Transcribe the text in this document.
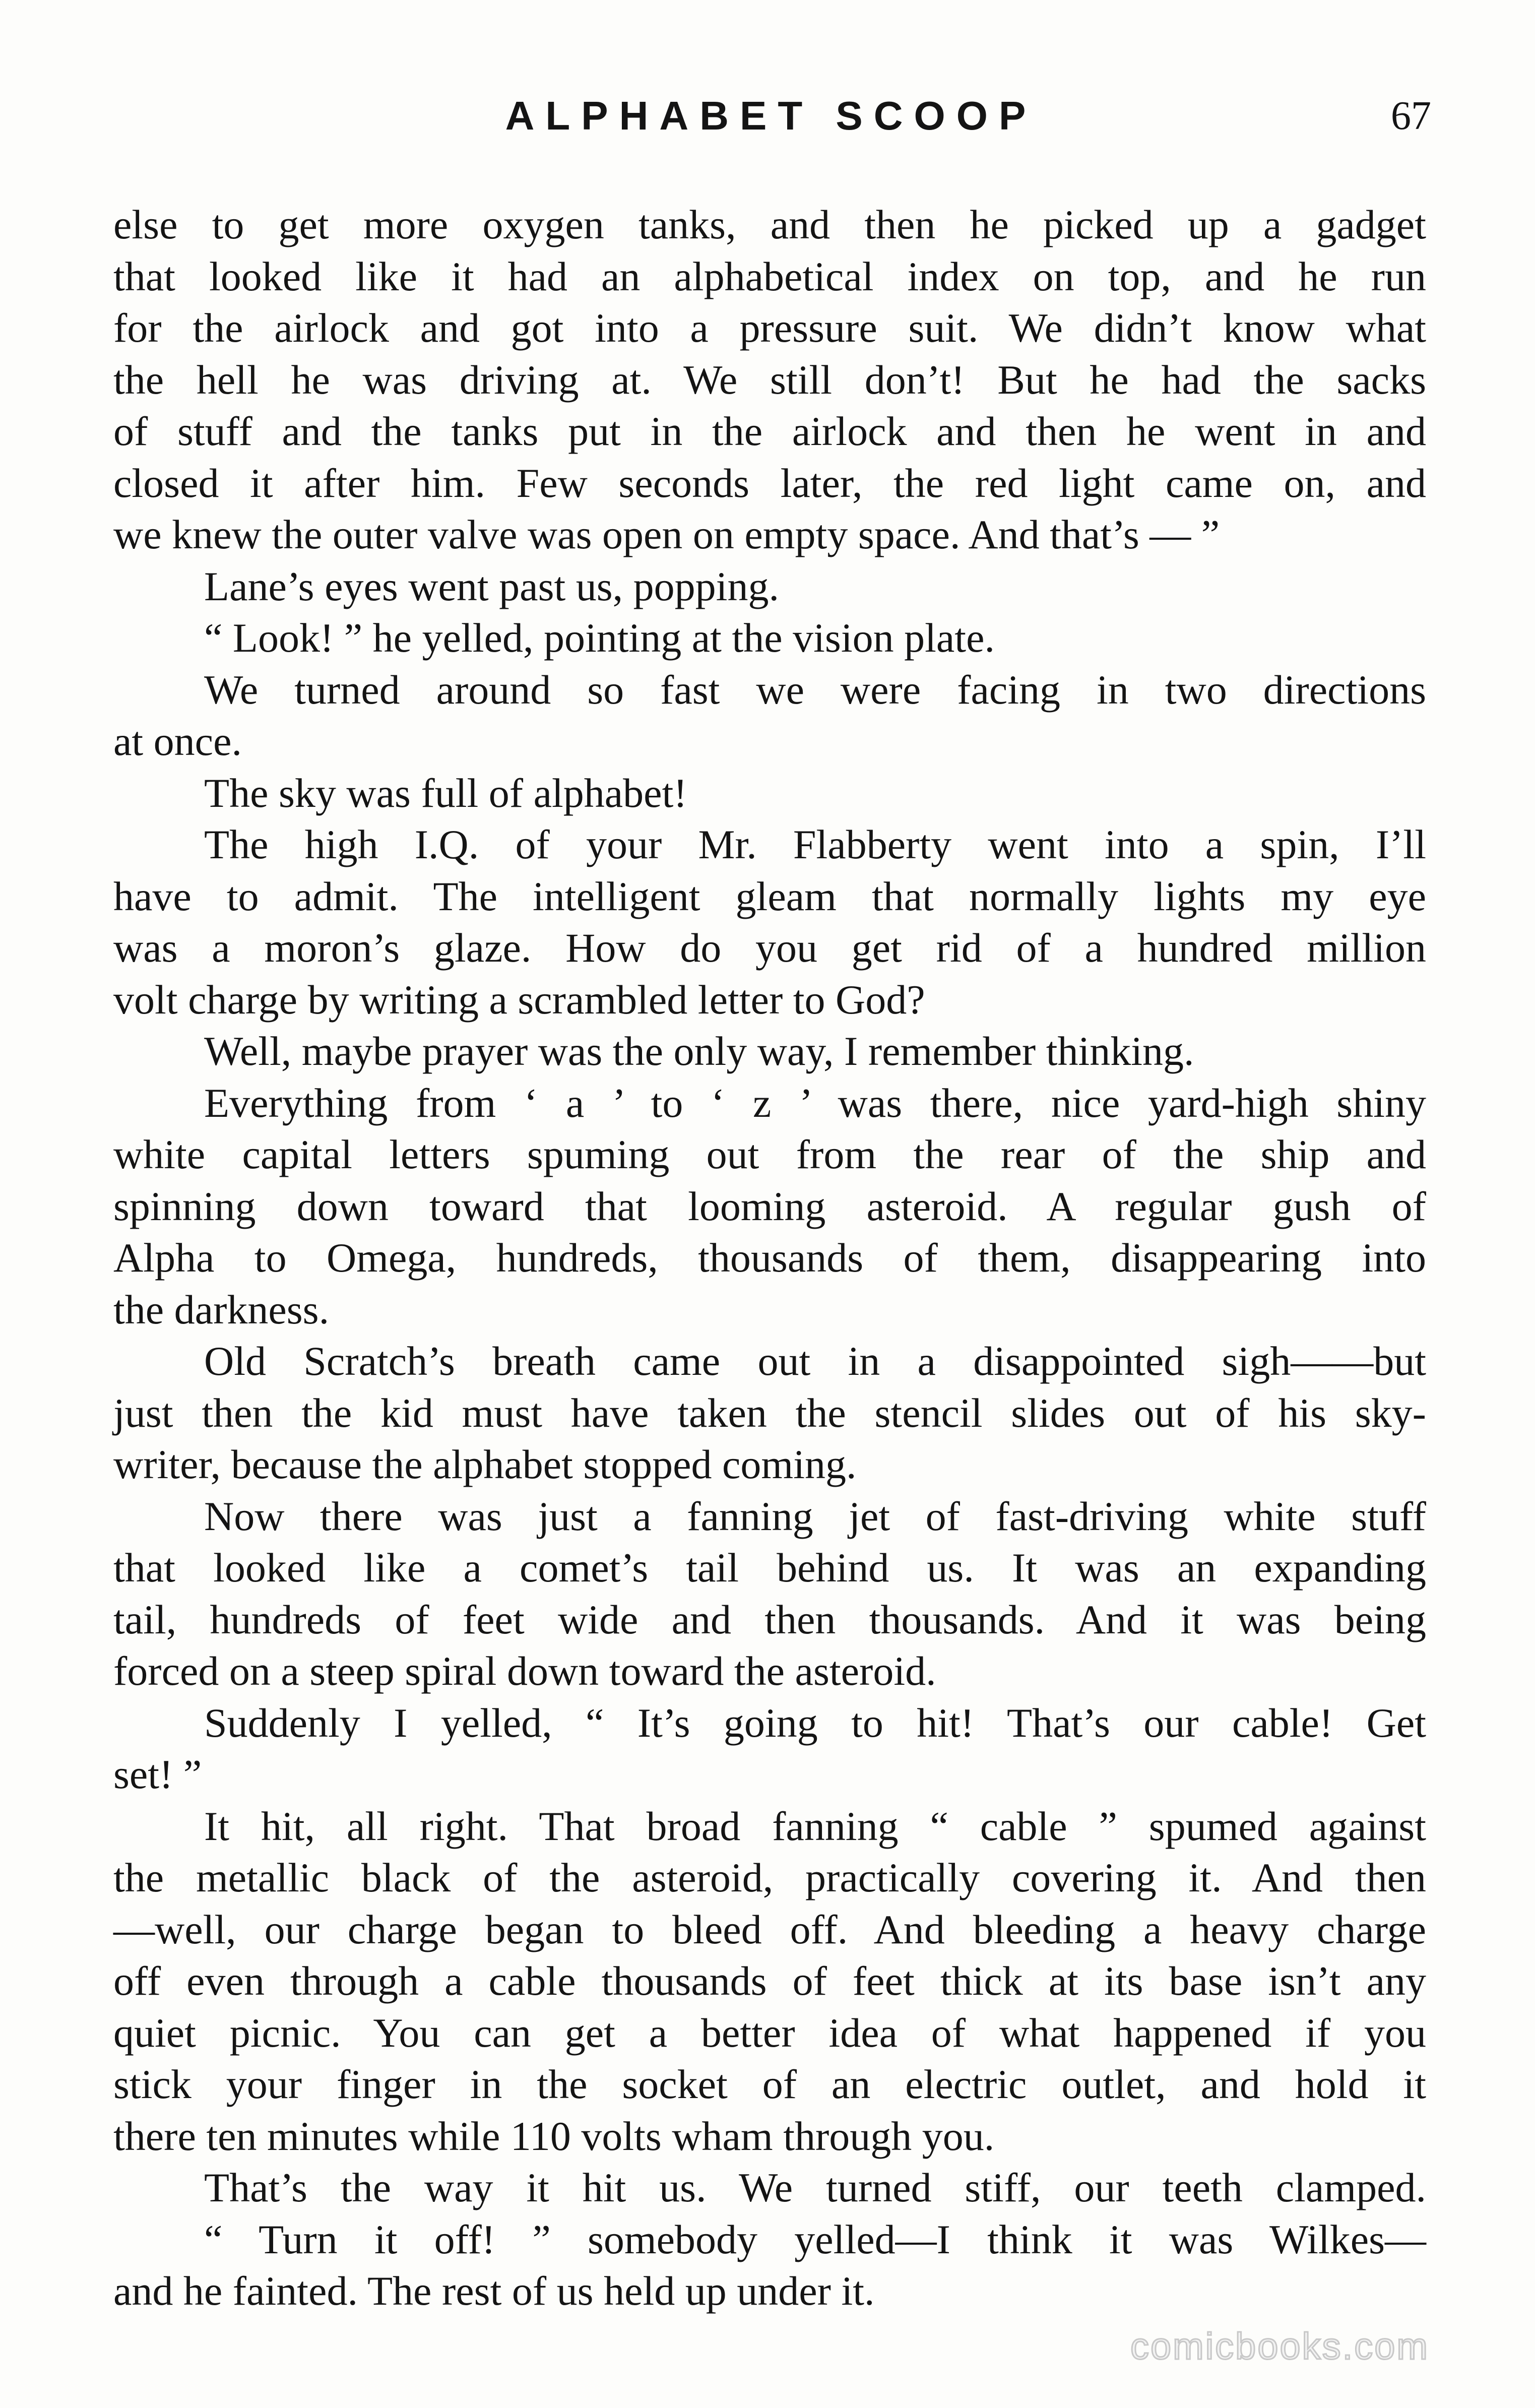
ALPHABET SCOOP	67
else to get more oxygen tanks, and then he picked up a gadget
that looked like it had an alphabetical index on top, and he run
for the airlock and got into a pressure suit. We didn’t know what
the hell he was driving at. We still don’t! But he had the sacks
of stuff and the tanks put in the airlock and then he went in and
closed it after him. Few seconds later, the red light came on, and
we knew the outer valve was open on empty space. And that’s — ”
Lane’s eyes went past us, popping.
“ Look! ” he yelled, pointing at the vision plate.
We turned around so fast we were facing in two directions
at once.
The sky was full of alphabet!
The high I.Q. of your Mr. Flabberty went into a spin, I’ll
have to admit. The intelligent gleam that normally lights my eye
was a moron’s glaze. How do you get rid of a hundred million
volt charge by writing a scrambled letter to God?
Well, maybe prayer was the only way, I remember thinking.
Everything from ‘ a ’ to ‘ z ’ was there, nice yard-high shiny
white capital letters spuming out from the rear of the ship and
spinning down toward that looming asteroid. A regular gush of
Alpha to Omega, hundreds, thousands of them, disappearing into
the darkness.
Old Scratch’s breath came out in a disappointed sigh——but
just then the kid must have taken the stencil slides out of his sky-
writer, because the alphabet stopped coming.
Now there was just a fanning jet of fast-driving white stuff
that looked like a comet’s tail behind us. It was an expanding
tail, hundreds of feet wide and then thousands. And it was being
forced on a steep spiral down toward the asteroid.
Suddenly I yelled, “ It’s going to hit! That’s our cable! Get
set! ”
It hit, all right. That broad fanning “ cable ” spumed against
the metallic black of the asteroid, practically covering it. And then
—well, our charge began to bleed off. And bleeding a heavy charge
off even through a cable thousands of feet thick at its base isn’t any
quiet picnic. You can get a better idea of what happened if you
stick your finger in the socket of an electric outlet, and hold it
there ten minutes while 110 volts wham through you.
That’s the way it hit us. We turned stiff, our teeth clamped.
“ Turn it off! ” somebody yelled—I think it was Wilkes—
and he fainted. The rest of us held up under it.
comicbooks.com
